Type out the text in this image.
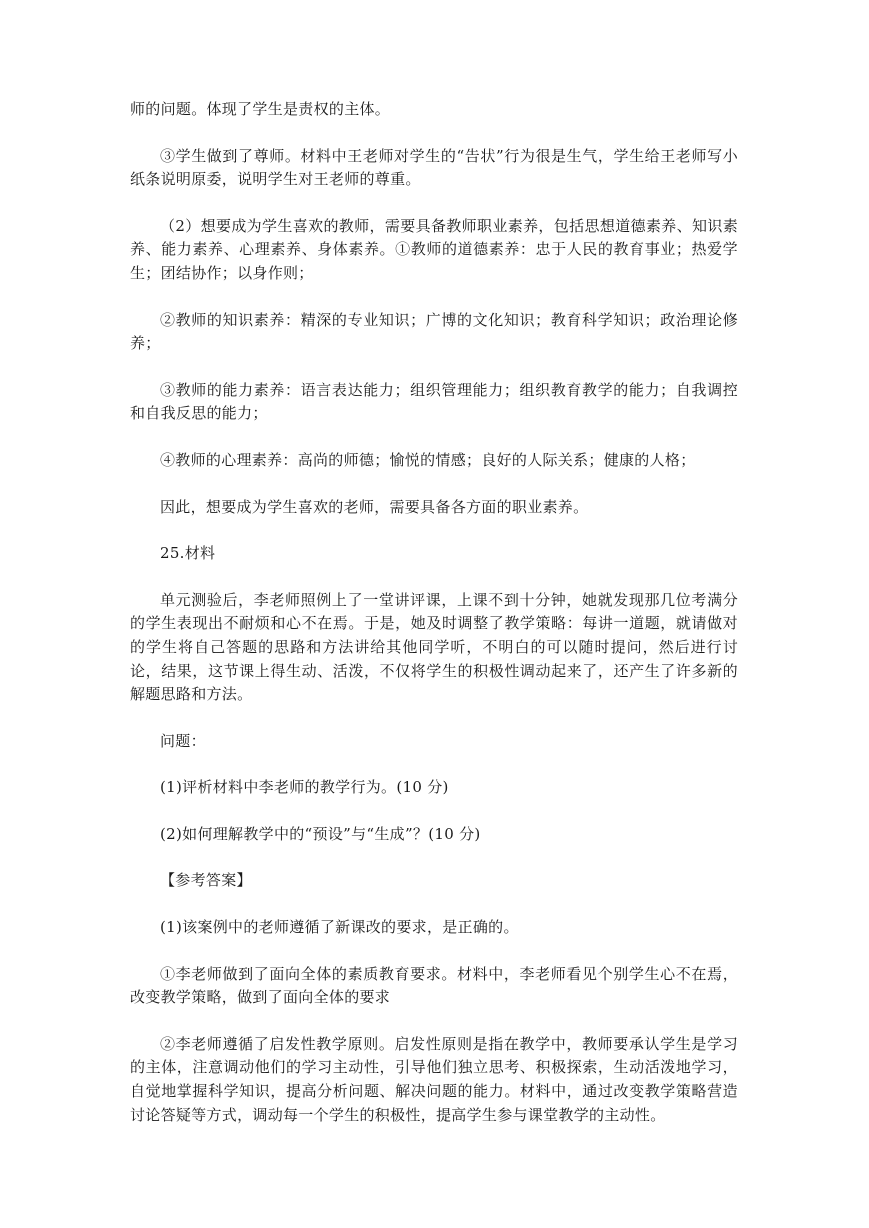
师的问题。体现了学生是责权的主体。

③学生做到了尊师。材料中王老师对学生的“告状”行为很是生气，学生给王老师写小纸条说明原委，说明学生对王老师的尊重。

（2）想要成为学生喜欢的教师，需要具备教师职业素养，包括思想道德素养、知识素养、能力素养、心理素养、身体素养。①教师的道德素养：忠于人民的教育事业；热爱学生；团结协作；以身作则；

②教师的知识素养：精深的专业知识；广博的文化知识；教育科学知识；政治理论修养；

③教师的能力素养：语言表达能力；组织管理能力；组织教育教学的能力；自我调控和自我反思的能力；

④教师的心理素养：高尚的师德；愉悦的情感；良好的人际关系；健康的人格；

因此，想要成为学生喜欢的老师，需要具备各方面的职业素养。

25.材料

单元测验后，李老师照例上了一堂讲评课，上课不到十分钟，她就发现那几位考满分的学生表现出不耐烦和心不在焉。于是，她及时调整了教学策略：每讲一道题，就请做对的学生将自己答题的思路和方法讲给其他同学听，不明白的可以随时提问，然后进行讨论，结果，这节课上得生动、活泼，不仅将学生的积极性调动起来了，还产生了许多新的解题思路和方法。

问题：

(1)评析材料中李老师的教学行为。(10 分)

(2)如何理解教学中的“预设”与“生成”？(10 分)

【参考答案】

(1)该案例中的老师遵循了新课改的要求，是正确的。

①李老师做到了面向全体的素质教育要求。材料中，李老师看见个别学生心不在焉，改变教学策略，做到了面向全体的要求

②李老师遵循了启发性教学原则。启发性原则是指在教学中，教师要承认学生是学习的主体，注意调动他们的学习主动性，引导他们独立思考、积极探索，生动活泼地学习，自觉地掌握科学知识，提高分析问题、解决问题的能力。材料中，通过改变教学策略营造讨论答疑等方式，调动每一个学生的积极性，提高学生参与课堂教学的主动性。
